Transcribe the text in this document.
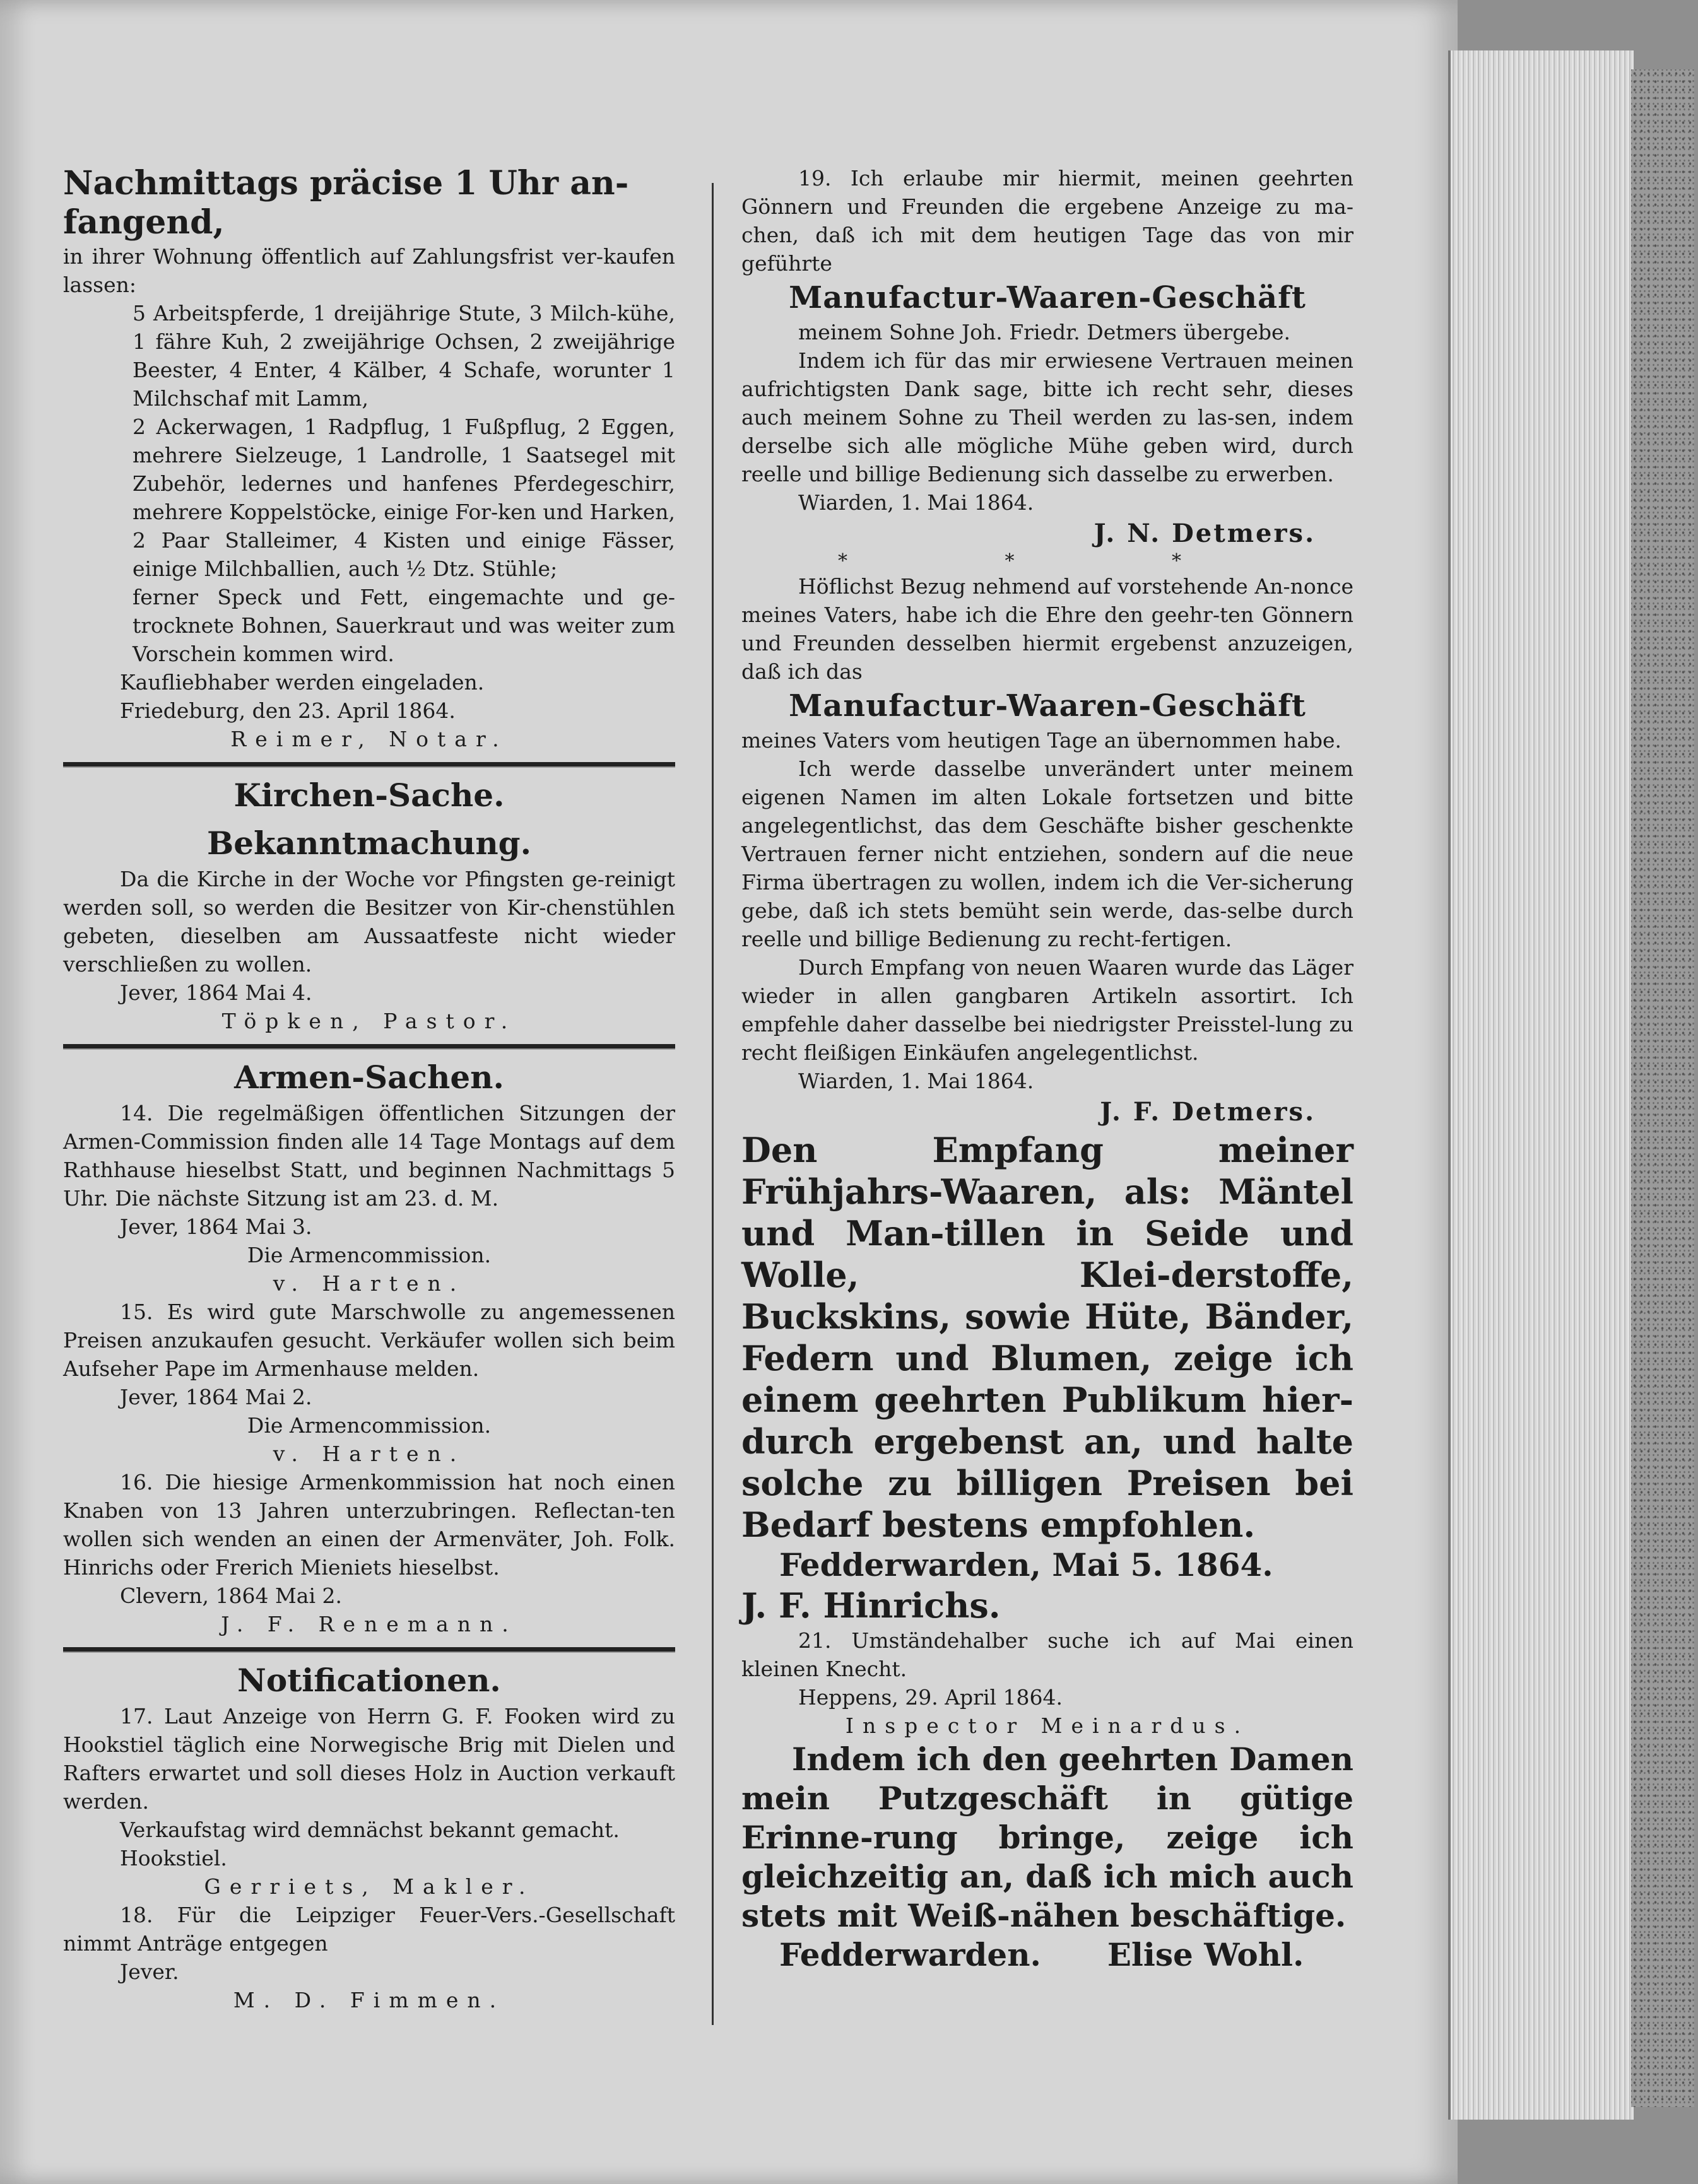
Nachmittags präcise 1 Uhr an-fangend,

in ihrer Wohnung öffentlich auf Zahlungsfrist ver-kaufen lassen:

5 Arbeitspferde, 1 dreijährige Stute, 3 Milch-kühe, 1 fähre Kuh, 2 zweijährige Ochsen, 2 zweijährige Beester, 4 Enter, 4 Kälber, 4 Schafe, worunter 1 Milchschaf mit Lamm,

2 Ackerwagen, 1 Radpflug, 1 Fußpflug, 2 Eggen, mehrere Sielzeuge, 1 Landrolle, 1 Saatsegel mit Zubehör, ledernes und hanfenes Pferdegeschirr, mehrere Koppelstöcke, einige For-ken und Harken, 2 Paar Stalleimer, 4 Kisten und einige Fässer, einige Milchballien, auch ½ Dtz. Stühle;

ferner Speck und Fett, eingemachte und ge-trocknete Bohnen, Sauerkraut und was weiter zum Vorschein kommen wird.

Kaufliebhaber werden eingeladen.

Friedeburg, den 23. April 1864.

Reimer, Notar.

Kirchen-Sache.

Bekanntmachung.

Da die Kirche in der Woche vor Pfingsten ge-reinigt werden soll, so werden die Besitzer von Kir-chenstühlen gebeten, dieselben am Aussaatfeste nicht wieder verschließen zu wollen.

Jever, 1864 Mai 4.

Töpken, Pastor.

Armen-Sachen.

14. Die regelmäßigen öffentlichen Sitzungen der Armen-Commission finden alle 14 Tage Montags auf dem Rathhause hieselbst Statt, und beginnen Nachmittags 5 Uhr. Die nächste Sitzung ist am 23. d. M.

Jever, 1864 Mai 3.

Die Armencommission.

v. Harten.

15. Es wird gute Marschwolle zu angemessenen Preisen anzukaufen gesucht. Verkäufer wollen sich beim Aufseher Pape im Armenhause melden.

Jever, 1864 Mai 2.

Die Armencommission.

v. Harten.

16. Die hiesige Armenkommission hat noch einen Knaben von 13 Jahren unterzubringen. Reflectan-ten wollen sich wenden an einen der Armenväter, Joh. Folk. Hinrichs oder Frerich Mieniets hieselbst.

Clevern, 1864 Mai 2.

J. F. Renemann.

Notificationen.

17. Laut Anzeige von Herrn G. F. Fooken wird zu Hookstiel täglich eine Norwegische Brig mit Dielen und Rafters erwartet und soll dieses Holz in Auction verkauft werden.

Verkaufstag wird demnächst bekannt gemacht.

Hookstiel.

Gerriets, Makler.

18. Für die Leipziger Feuer-Vers.-Gesellschaft nimmt Anträge entgegen

Jever.

M. D. Fimmen.

19. Ich erlaube mir hiermit, meinen geehrten Gönnern und Freunden die ergebene Anzeige zu ma-chen, daß ich mit dem heutigen Tage das von mir geführte

Manufactur-Waaren-Geschäft

meinem Sohne Joh. Friedr. Detmers übergebe.

Indem ich für das mir erwiesene Vertrauen meinen aufrichtigsten Dank sage, bitte ich recht sehr, dieses auch meinem Sohne zu Theil werden zu las-sen, indem derselbe sich alle mögliche Mühe geben wird, durch reelle und billige Bedienung sich dasselbe zu erwerben.

Wiarden, 1. Mai 1864.

J. N. Detmers.

* * *

Höflichst Bezug nehmend auf vorstehende An-nonce meines Vaters, habe ich die Ehre den geehr-ten Gönnern und Freunden desselben hiermit ergebenst anzuzeigen, daß ich das

Manufactur-Waaren-Geschäft

meines Vaters vom heutigen Tage an übernommen habe.

Ich werde dasselbe unverändert unter meinem eigenen Namen im alten Lokale fortsetzen und bitte angelegentlichst, das dem Geschäfte bisher geschenkte Vertrauen ferner nicht entziehen, sondern auf die neue Firma übertragen zu wollen, indem ich die Ver-sicherung gebe, daß ich stets bemüht sein werde, das-selbe durch reelle und billige Bedienung zu recht-fertigen.

Durch Empfang von neuen Waaren wurde das Läger wieder in allen gangbaren Artikeln assortirt. Ich empfehle daher dasselbe bei niedrigster Preisstel-lung zu recht fleißigen Einkäufen angelegentlichst.

Wiarden, 1. Mai 1864.

J. F. Detmers.

Den Empfang meiner Frühjahrs-Waaren, als: Mäntel und Man-tillen in Seide und Wolle, Klei-derstoffe, Buckskins, sowie Hüte, Bänder, Federn und Blumen, zeige ich einem geehrten Publikum hier-durch ergebenst an, und halte solche zu billigen Preisen bei Bedarf bestens empfohlen.

Fedderwarden, Mai 5. 1864.

J. F. Hinrichs.

21. Umständehalber suche ich auf Mai einen kleinen Knecht.

Heppens, 29. April 1864.

Inspector Meinardus.

Indem ich den geehrten Damen mein Putzgeschäft in gütige Erinne-rung bringe, zeige ich gleichzeitig an, daß ich mich auch stets mit Weiß-nähen beschäftige.

Fedderwarden. Elise Wohl.
